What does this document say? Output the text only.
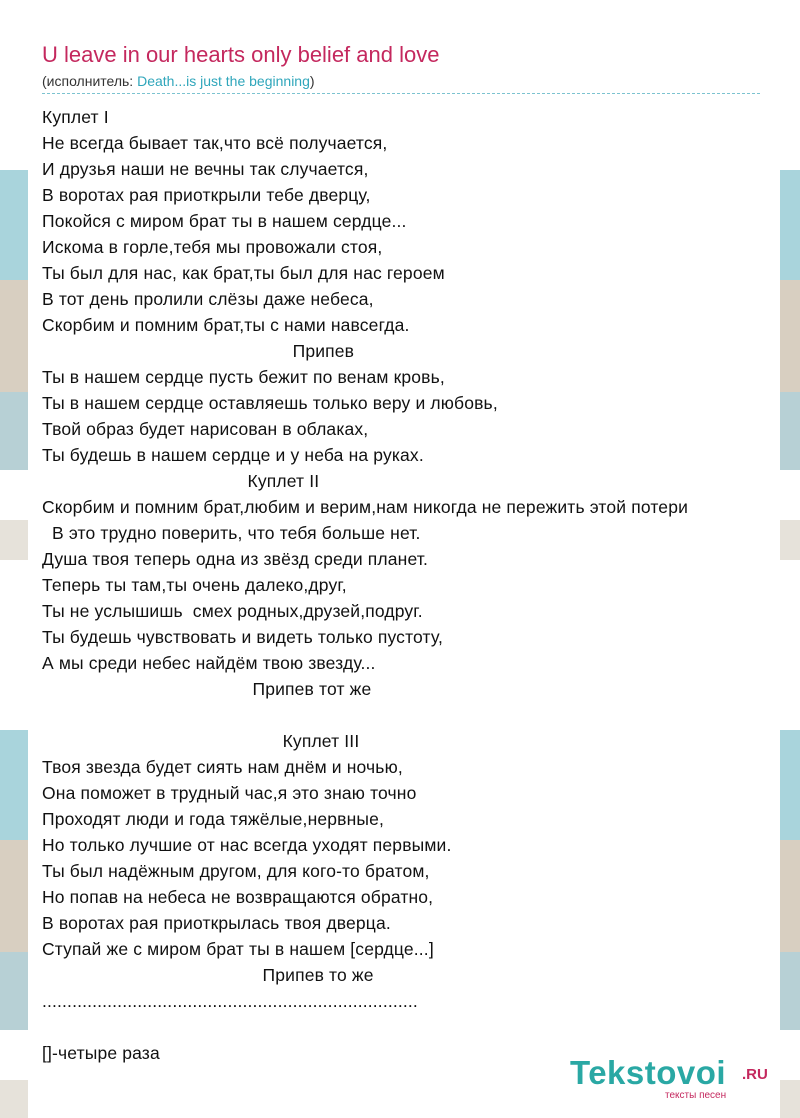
U leave in our hearts only belief and love
(исполнитель: Death...is just the beginning)
Куплет I
Не всегда бывает так,что всё получается,
И друзья наши не вечны так случается,
В воротах рая приоткрыли тебе дверцу,
Покойся с миром брат ты в нашем сердце...
Искома в горле,тебя мы провожали стоя,
Ты был для нас, как брат,ты был для нас героем
В тот день пролили слёзы даже небеса,
Скорбим и помним брат,ты с нами навсегда.
Припев
Ты в нашем сердце пусть бежит по венам кровь,
Ты в нашем сердце оставляешь только веру и любовь,
Твой образ будет нарисован в облаках,
Ты будешь в нашем сердце и у неба на руках.
Куплет II
Скорбим и помним брат,любим и верим,нам никогда не пережить этой потери
В это трудно поверить, что тебя больше нет.
Душа твоя теперь одна из звёзд среди планет.
Теперь ты там,ты очень далеко,друг,
Ты не услышишь  смех родных,друзей,подруг.
Ты будешь чувствовать и видеть только пустоту,
А мы среди небес найдём твою звезду...
Припев тот же
Куплет III
Твоя звезда будет сиять нам днём и ночью,
Она поможет в трудный час,я это знаю точно
Проходят люди и года тяжёлые,нервные,
Но только лучшие от нас всегда уходят первыми.
Ты был надёжным другом, для кого-то братом,
Но попав на небеса не возвращаются обратно,
В воротах рая приоткрылась твоя дверца.
Ступай же с миром брат ты в нашем [сердце...]
Припев то же
...........................................................................
[]-четыре раза
Tekstovoi .RU
тексты песен
